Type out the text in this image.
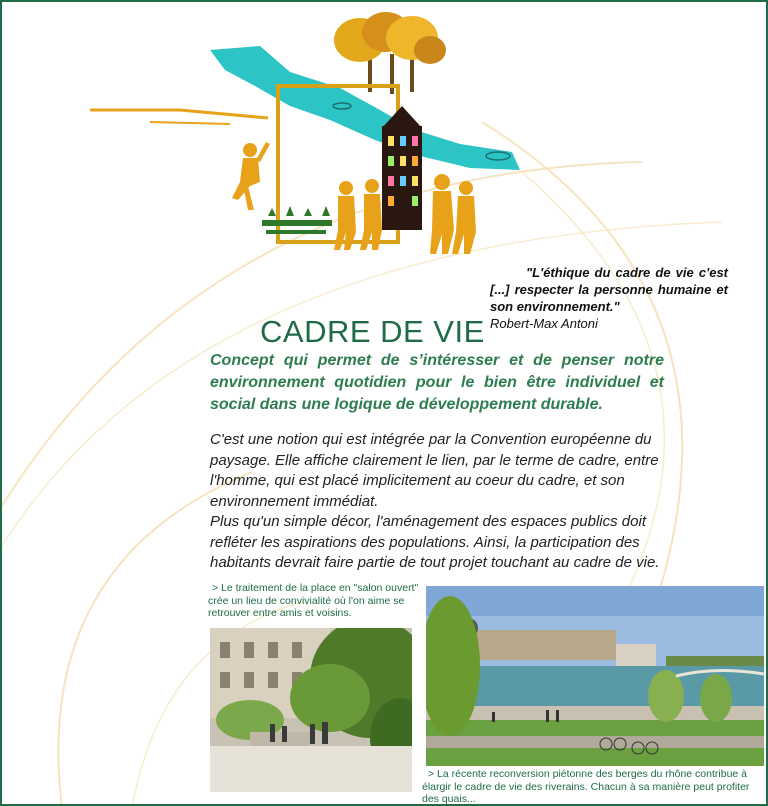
"L'éthique du cadre de vie c'est [...] respecter la personne humaine et son environnement."
Robert-Max Antoni
CADRE DE VIE
Concept qui permet de s’intéresser et de penser notre environnement quotidien pour le bien être individuel et social dans une logique de développement durable.
C'est une notion qui est intégrée par la Convention européenne du paysage. Elle affiche clairement le lien, par le terme de cadre, entre l'homme, qui est placé implicitement au coeur du cadre, et son environnement immédiat.
Plus qu'un simple décor, l'aménagement des espaces publics doit refléter les aspirations des populations. Ainsi, la participation des habitants devrait faire partie de tout projet touchant au cadre de vie.
> Le traitement de la place en "salon ouvert" crée un lieu de convivialité où l'on aime se retrouver entre amis et voisins.
> La récente reconversion piétonne des berges du rhône contribue à élargir le cadre de vie des riverains. Chacun à sa manière peut profiter des quais...
